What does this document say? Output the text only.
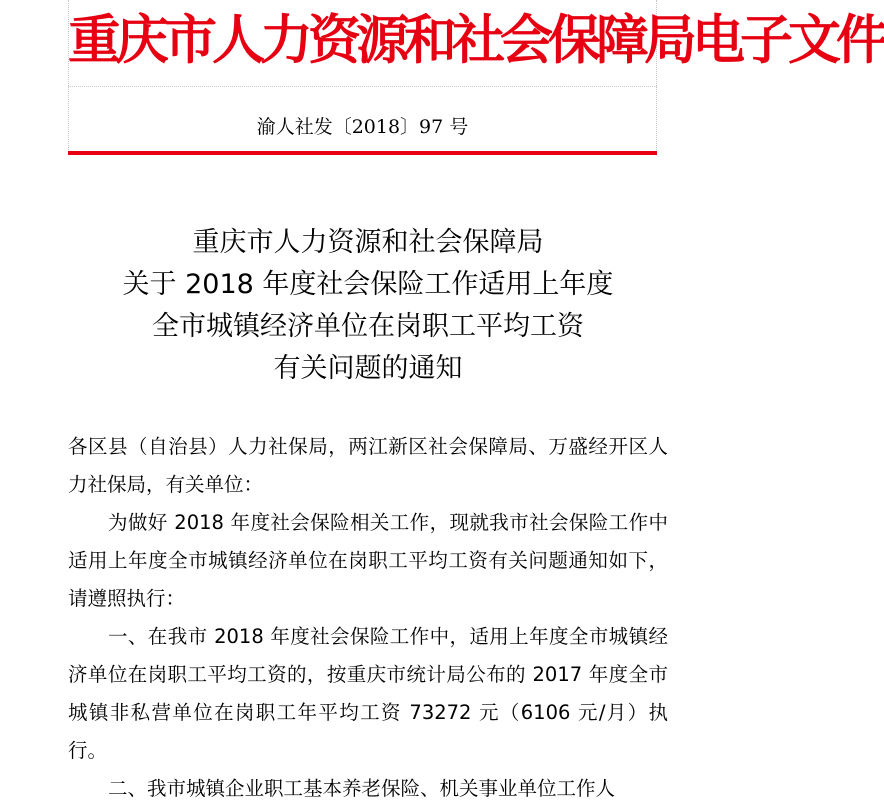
重庆市人力资源和社会保障局电子文件
渝人社发〔2018〕97 号
重庆市人力资源和社会保障局
关于 2018 年度社会保险工作适用上年度
全市城镇经济单位在岗职工平均工资
有关问题的通知

各区县（自治县）人力社保局，两江新区社会保障局、万盛经开区人力社保局，有关单位：

为做好 2018 年度社会保险相关工作，现就我市社会保险工作中适用上年度全市城镇经济单位在岗职工平均工资有关问题通知如下，请遵照执行：

一、在我市 2018 年度社会保险工作中，适用上年度全市城镇经济单位在岗职工平均工资的，按重庆市统计局公布的 2017 年度全市城镇非私营单位在岗职工年平均工资 73272 元（6106 元/月）执行。

二、我市城镇企业职工基本养老保险、机关事业单位工作人
